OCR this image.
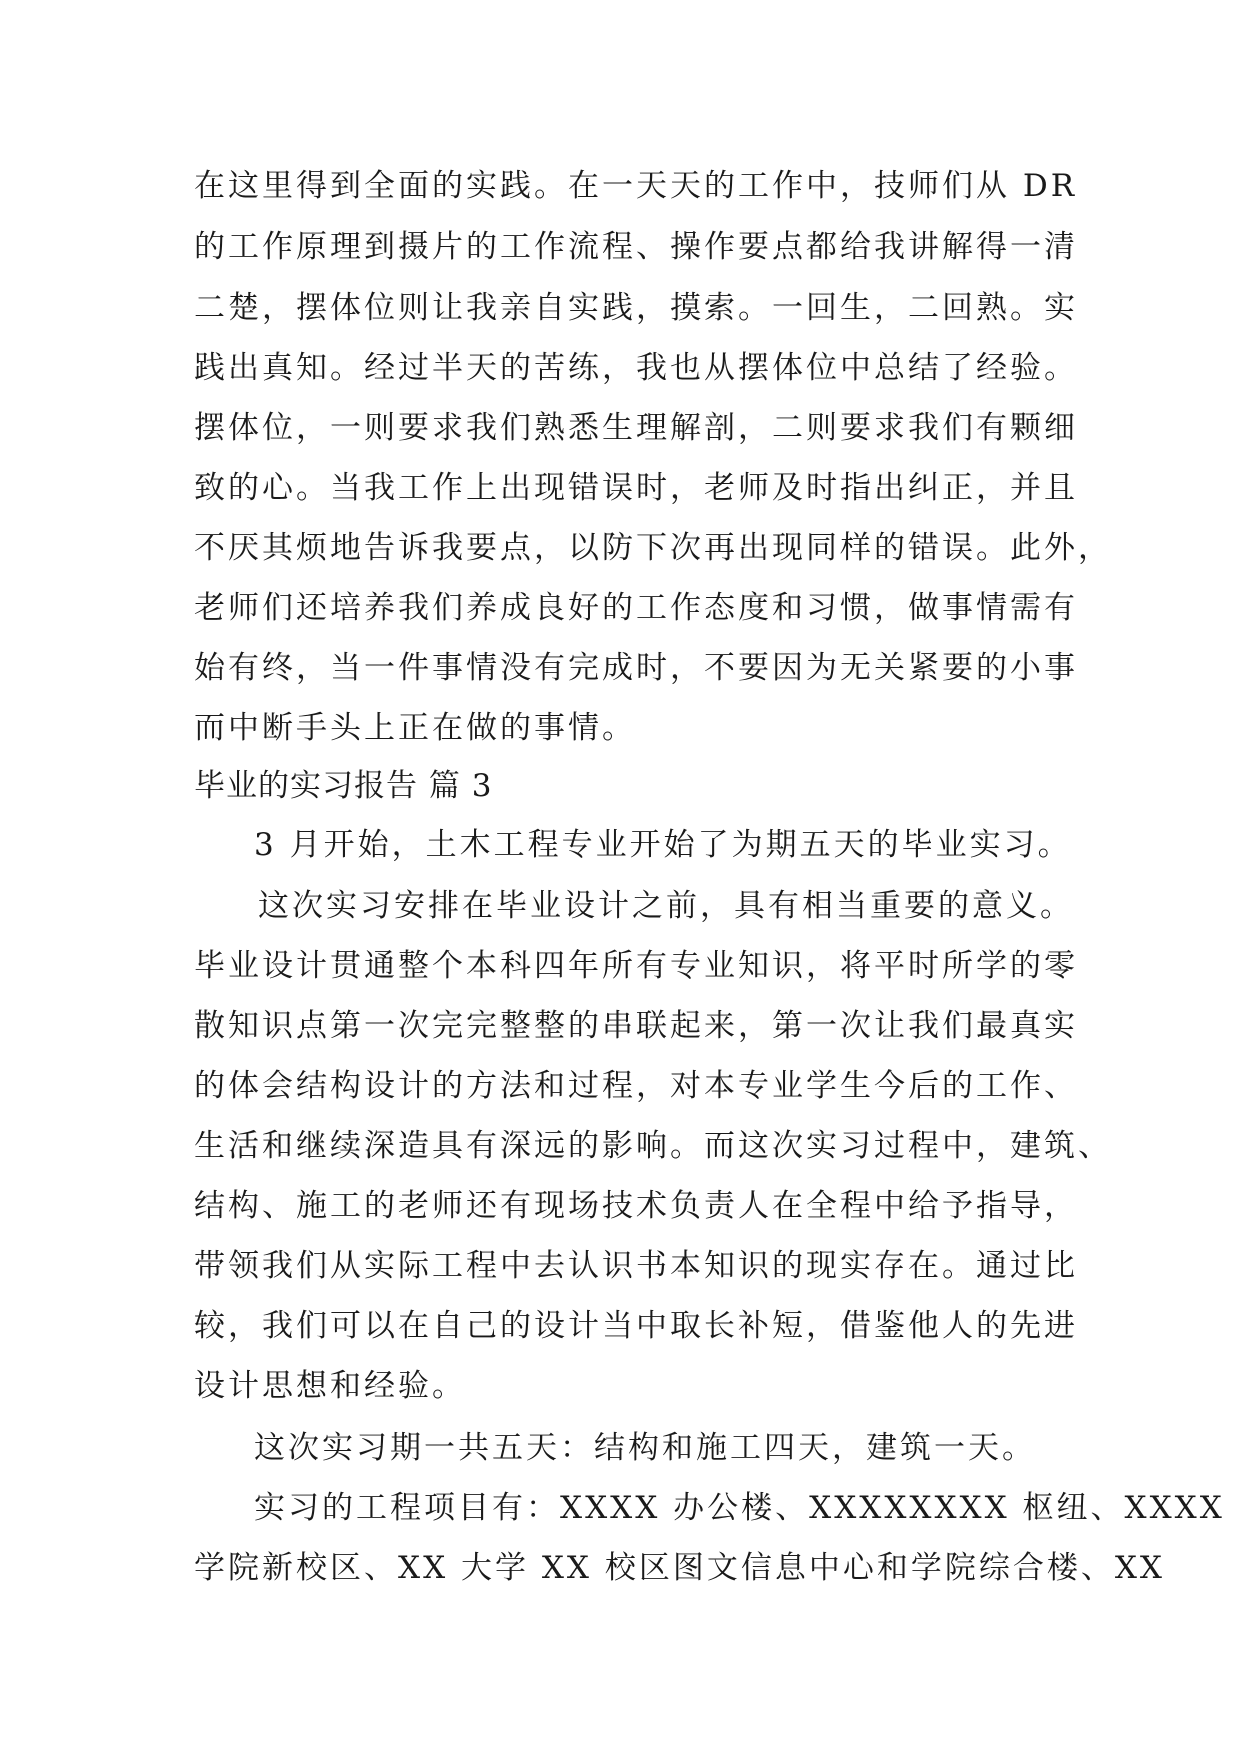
在这里得到全面的实践。在一天天的工作中，技师们从 DR
的工作原理到摄片的工作流程、操作要点都给我讲解得一清
二楚，摆体位则让我亲自实践，摸索。一回生，二回熟。实
践出真知。经过半天的苦练，我也从摆体位中总结了经验。
摆体位，一则要求我们熟悉生理解剖，二则要求我们有颗细
致的心。当我工作上出现错误时，老师及时指出纠正，并且
不厌其烦地告诉我要点，以防下次再出现同样的错误。此外，
老师们还培养我们养成良好的工作态度和习惯，做事情需有
始有终，当一件事情没有完成时，不要因为无关紧要的小事
而中断手头上正在做的事情。
毕业的实习报告 篇 3
3 月开始，土木工程专业开始了为期五天的毕业实习。
这次实习安排在毕业设计之前，具有相当重要的意义。
毕业设计贯通整个本科四年所有专业知识，将平时所学的零
散知识点第一次完完整整的串联起来，第一次让我们最真实
的体会结构设计的方法和过程，对本专业学生今后的工作、
生活和继续深造具有深远的影响。而这次实习过程中，建筑、
结构、施工的老师还有现场技术负责人在全程中给予指导，
带领我们从实际工程中去认识书本知识的现实存在。通过比
较，我们可以在自己的设计当中取长补短，借鉴他人的先进
设计思想和经验。
这次实习期一共五天：结构和施工四天，建筑一天。
实习的工程项目有：XXXX 办公楼、XXXXXXXX 枢纽、XXXX
学院新校区、XX 大学 XX 校区图文信息中心和学院综合楼、XX
